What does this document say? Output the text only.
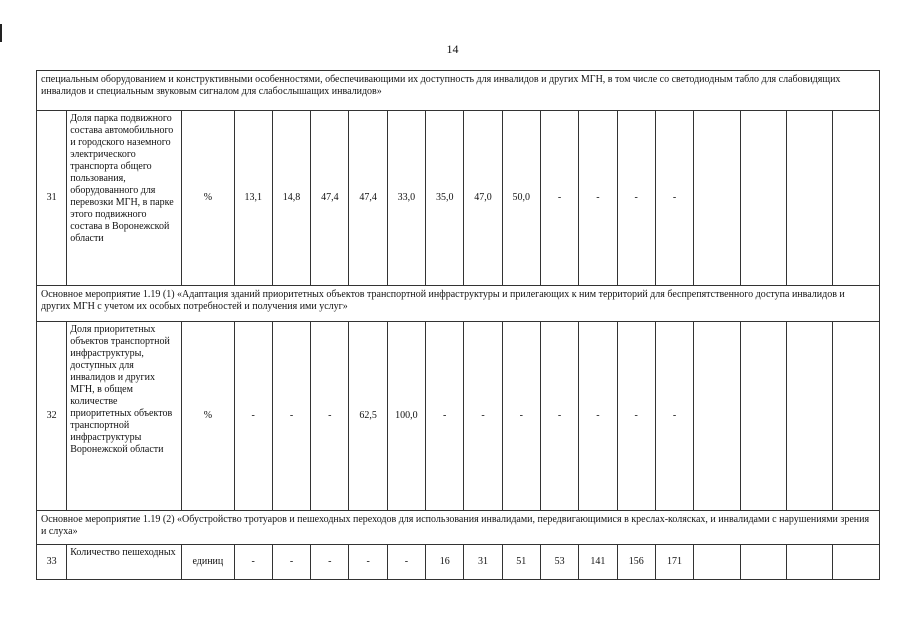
14
специальным оборудованием и конструктивными особенностями, обеспечивающими их доступность для инвалидов и других МГН, в том числе со светодиодным табло для слабовидящих инвалидов и специальным звуковым сигналом для слабослышащих инвалидов»																		
31	Доля парка подвижного состава автомобильного и городского наземного электрического транспорта общего пользования, оборудованного для перевозки МГН, в парке этого подвижного состава в Воронежской области	%	13,1	14,8	47,4	47,4	33,0	35,0	47,0	50,0	-	-	-	-				
Основное мероприятие 1.19 (1) «Адаптация зданий приоритетных объектов транспортной инфраструктуры и прилегающих к ним территорий для беспрепятственного доступа инвалидов и других МГН с учетом их особых потребностей и получения ими услуг»																		
32	Доля приоритетных объектов транспортной инфраструктуры, доступных для инвалидов и других МГН, в общем количестве приоритетных объектов транспортной инфраструктуры Воронежской области	%	-	-	-	62,5	100,0	-	-	-	-	-	-	-				
Основное мероприятие 1.19 (2) «Обустройство тротуаров и пешеходных переходов для использования инвалидами, передвигающимися в креслах-колясках, и инвалидами с нарушениями зрения и слуха»																		
33	Количество пешеходных	единиц	-	-	-	-	-	16	31	51	53	141	156	171				
